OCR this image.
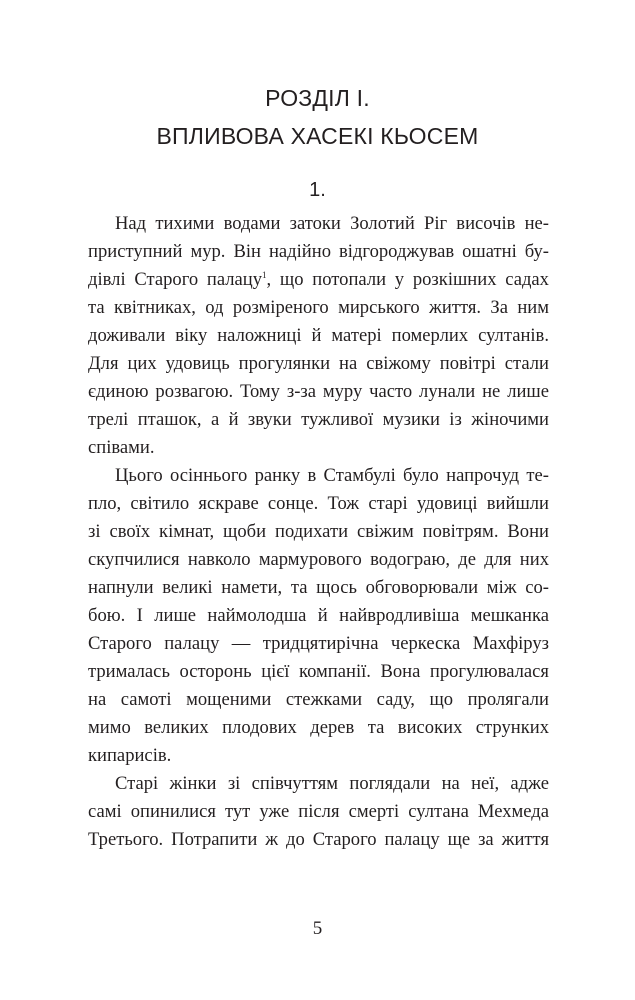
РОЗДІЛ І.
ВПЛИВОВА ХАСЕКІ КЬОСЕМ
1.
Над тихими водами затоки Золотий Ріг височів не-
приступний мур. Він надійно відгороджував ошатні бу-
дівлі Старого палацу$^1$, що потопали у розкішних садах
та квітниках, од розміреного мирського життя. За ним
доживали віку наложниці й матері померлих султанів.
Для цих удовиць прогулянки на свіжому повітрі стали
єдиною розвагою. Тому з-за муру часто лунали не лише
трелі пташок, а й звуки тужливої музики із жіночими
співами.
Цього осіннього ранку в Стамбулі було напрочуд те-
пло, світило яскраве сонце. Тож старі удовиці вийшли
зі своїх кімнат, щоби подихати свіжим повітрям. Вони
скупчилися навколо мармурового водограю, де для них
напнули великі намети, та щось обговорювали між со-
бою. І лише наймолодша й найвродливіша мешканка
Старого палацу — тридцятирічна черкеска Махфіруз
трималась осторонь цієї компанії. Вона прогулювалася
на самоті мощеними стежками саду, що пролягали
мимо великих плодових дерев та високих струнких
кипарисів.
Старі жінки зі співчуттям поглядали на неї, адже
самі опинилися тут уже після смерті султана Мехмеда
Третього. Потрапити ж до Старого палацу ще за життя
5
